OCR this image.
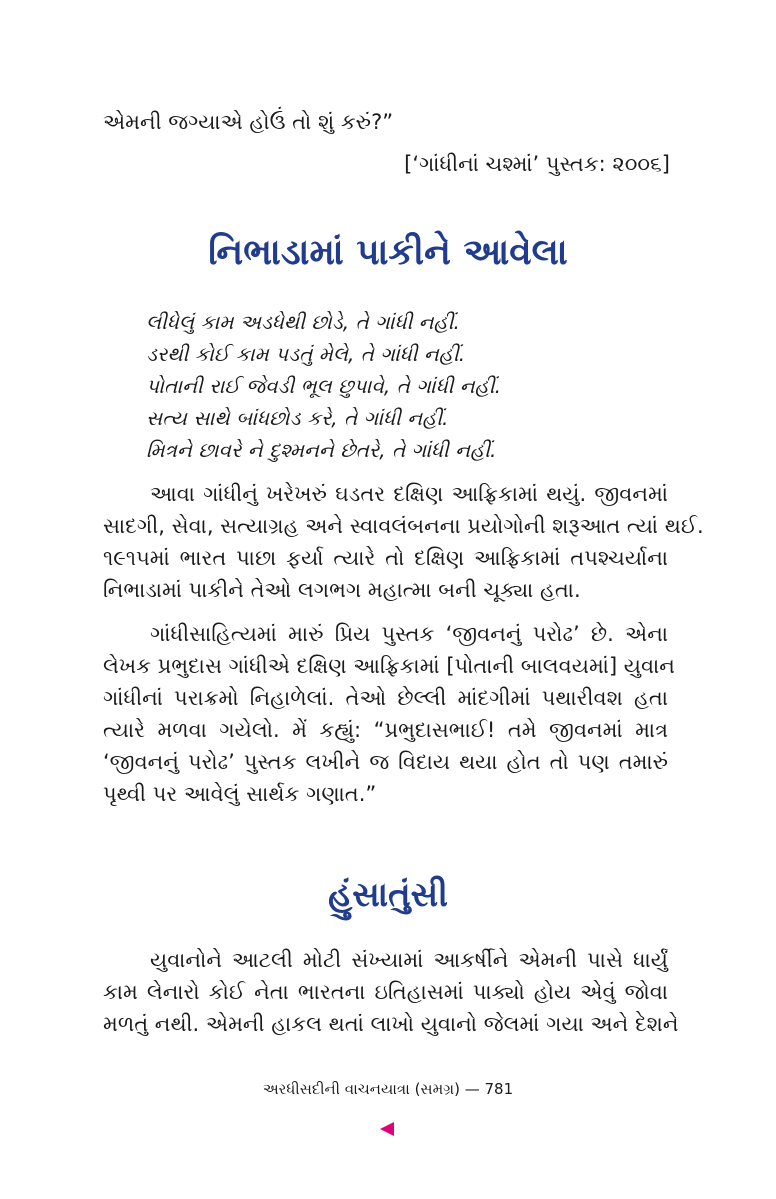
એમની જગ્યાએ હોઉં તો શું કરું?”
[‘ગાંધીનાં ચશ્માં’ પુસ્તક: ૨૦૦૬]
નિભાડામાં પાકીને આવેલા
લીધેલું કામ અડધેથી છોડે, તે ગાંધી નહીં.
ડરથી કોઈ કામ પડતું મેલે, તે ગાંધી નહીં.
પોતાની રાઈ જેવડી ભૂલ છુપાવે, તે ગાંધી નહીં.
સત્ય સાથે બાંધછોડ કરે, તે ગાંધી નહીં.
મિત્રને છાવરે ને દુશ્મનને છેતરે, તે ગાંધી નહીં.
આવા ગાંધીનું ખરેખરું ઘડતર દક્ષિણ આફ્રિકામાં થયું. જીવનમાં
સાદગી, સેવા, સત્યાગ્રહ અને સ્વાવલંબનના પ્રયોગોની શરૂઆત ત્યાં થઈ.
૧૯૧૫માં ભારત પાછા ફર્યા ત્યારે તો દક્ષિણ આફ્રિકામાં તપશ્ચર્યાના
નિભાડામાં પાકીને તેઓ લગભગ મહાત્મા બની ચૂક્યા હતા.
ગાંધીસાહિત્યમાં મારું પ્રિય પુસ્તક ‘જીવનનું પરોઢ’ છે. એના
લેખક પ્રભુદાસ ગાંધીએ દક્ષિણ આફ્રિકામાં [પોતાની બાલવયમાં] યુવાન
ગાંધીનાં પરાક્રમો નિહાળેલાં. તેઓ છેલ્લી માંદગીમાં પથારીવશ હતા
ત્યારે મળવા ગયેલો. મેં કહ્યું: “પ્રભુદાસભાઈ! તમે જીવનમાં માત્ર
‘જીવનનું પરોઢ’ પુસ્તક લખીને જ વિદાય થયા હોત તો પણ તમારું
પૃથ્વી પર આવેલું સાર્થક ગણાત.”
હુંસાતુંસી
યુવાનોને આટલી મોટી સંખ્યામાં આકર્ષીને એમની પાસે ધાર્યું
કામ લેનારો કોઈ નેતા ભારતના ઇતિહાસમાં પાક્યો હોય એવું જોવા
મળતું નથી. એમની હાકલ થતાં લાખો યુવાનો જેલમાં ગયા અને દેશને
અરધીસદીની વાચનયાત્રા (સમગ્ર) — 781
